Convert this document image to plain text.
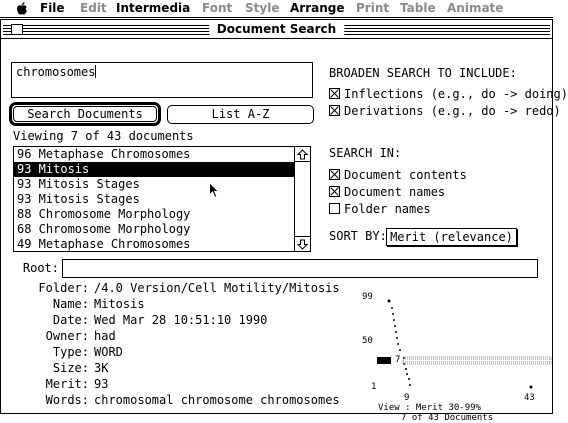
File Edit Intermedia Font Style Arrange Print Table Animate
Document Search
chromosomes
Search Documents	List A-Z
Viewing 7 of 43 documents
96 Metaphase Chromosomes
93 Mitosis
93 Mitosis Stages
93 Mitosis Stages
88 Chromosome Morphology
68 Chromosome Morphology
49 Metaphase Chromosomes
BROADEN SEARCH TO INCLUDE:
Inflections (e.g., do -> doing)
Derivations (e.g., do -> redo)
SEARCH IN:
Document contents
Document names
Folder names
SORT BY: Merit (relevance)
Root:
Folder: /4.0 Version/Cell Motility/Mitosis
Name: Mitosis
Date: Wed Mar 28 10:51:10 1990
Owner: had
Type: WORD
Size: 3K
Merit: 93
Words: chromosomal chromosome chromosomes
99
50
1
7
9	43
View : Merit 30-99%
7 of 43 Documents
